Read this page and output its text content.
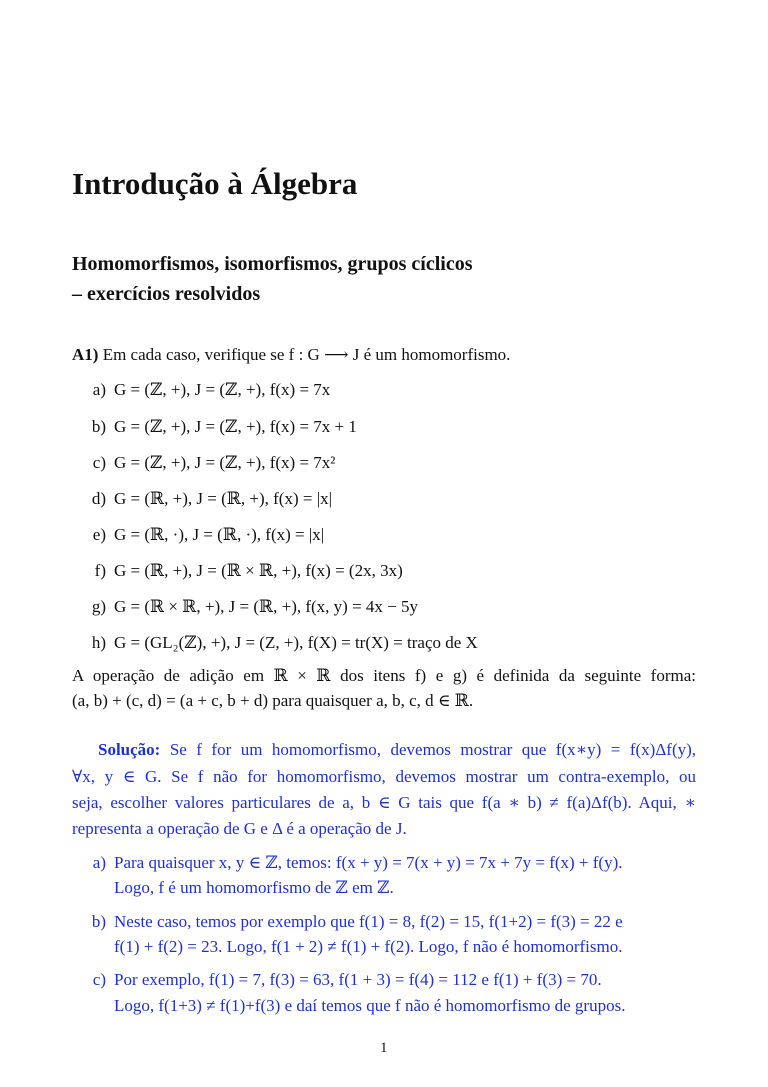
Introdução à Álgebra
Homomorfismos, isomorfismos, grupos cíclicos
– exercícios resolvidos
A1) Em cada caso, verifique se f : G ⟶ J é um homomorfismo.
a) G = (ℤ, +), J = (ℤ, +), f(x) = 7x
b) G = (ℤ, +), J = (ℤ, +), f(x) = 7x + 1
c) G = (ℤ, +), J = (ℤ, +), f(x) = 7x²
d) G = (ℝ, +), J = (ℝ, +), f(x) = |x|
e) G = (ℝ, ·), J = (ℝ, ·), f(x) = |x|
f) G = (ℝ, +), J = (ℝ × ℝ, +), f(x) = (2x, 3x)
g) G = (ℝ × ℝ, +), J = (ℝ, +), f(x, y) = 4x − 5y
h) G = (GL₂(ℤ), +), J = (Z, +), f(X) = tr(X) = traço de X
A operação de adição em ℝ × ℝ dos itens f) e g) é definida da seguinte forma:
(a, b) + (c, d) = (a + c, b + d) para quaisquer a, b, c, d ∈ ℝ.
Solução: Se f for um homomorfismo, devemos mostrar que f(x∗y) = f(x)Δf(y),
∀x, y ∈ G. Se f não for homomorfismo, devemos mostrar um contra-exemplo, ou
seja, escolher valores particulares de a, b ∈ G tais que f(a ∗ b) ≠ f(a)Δf(b). Aqui, ∗
representa a operação de G e Δ é a operação de J.
a) Para quaisquer x, y ∈ ℤ, temos: f(x + y) = 7(x + y) = 7x + 7y = f(x) + f(y).
Logo, f é um homomorfismo de ℤ em ℤ.
b) Neste caso, temos por exemplo que f(1) = 8, f(2) = 15, f(1+2) = f(3) = 22 e
f(1) + f(2) = 23. Logo, f(1 + 2) ≠ f(1) + f(2). Logo, f não é homomorfismo.
c) Por exemplo, f(1) = 7, f(3) = 63, f(1 + 3) = f(4) = 112 e f(1) + f(3) = 70.
Logo, f(1+3) ≠ f(1)+f(3) e daí temos que f não é homomorfismo de grupos.
1
